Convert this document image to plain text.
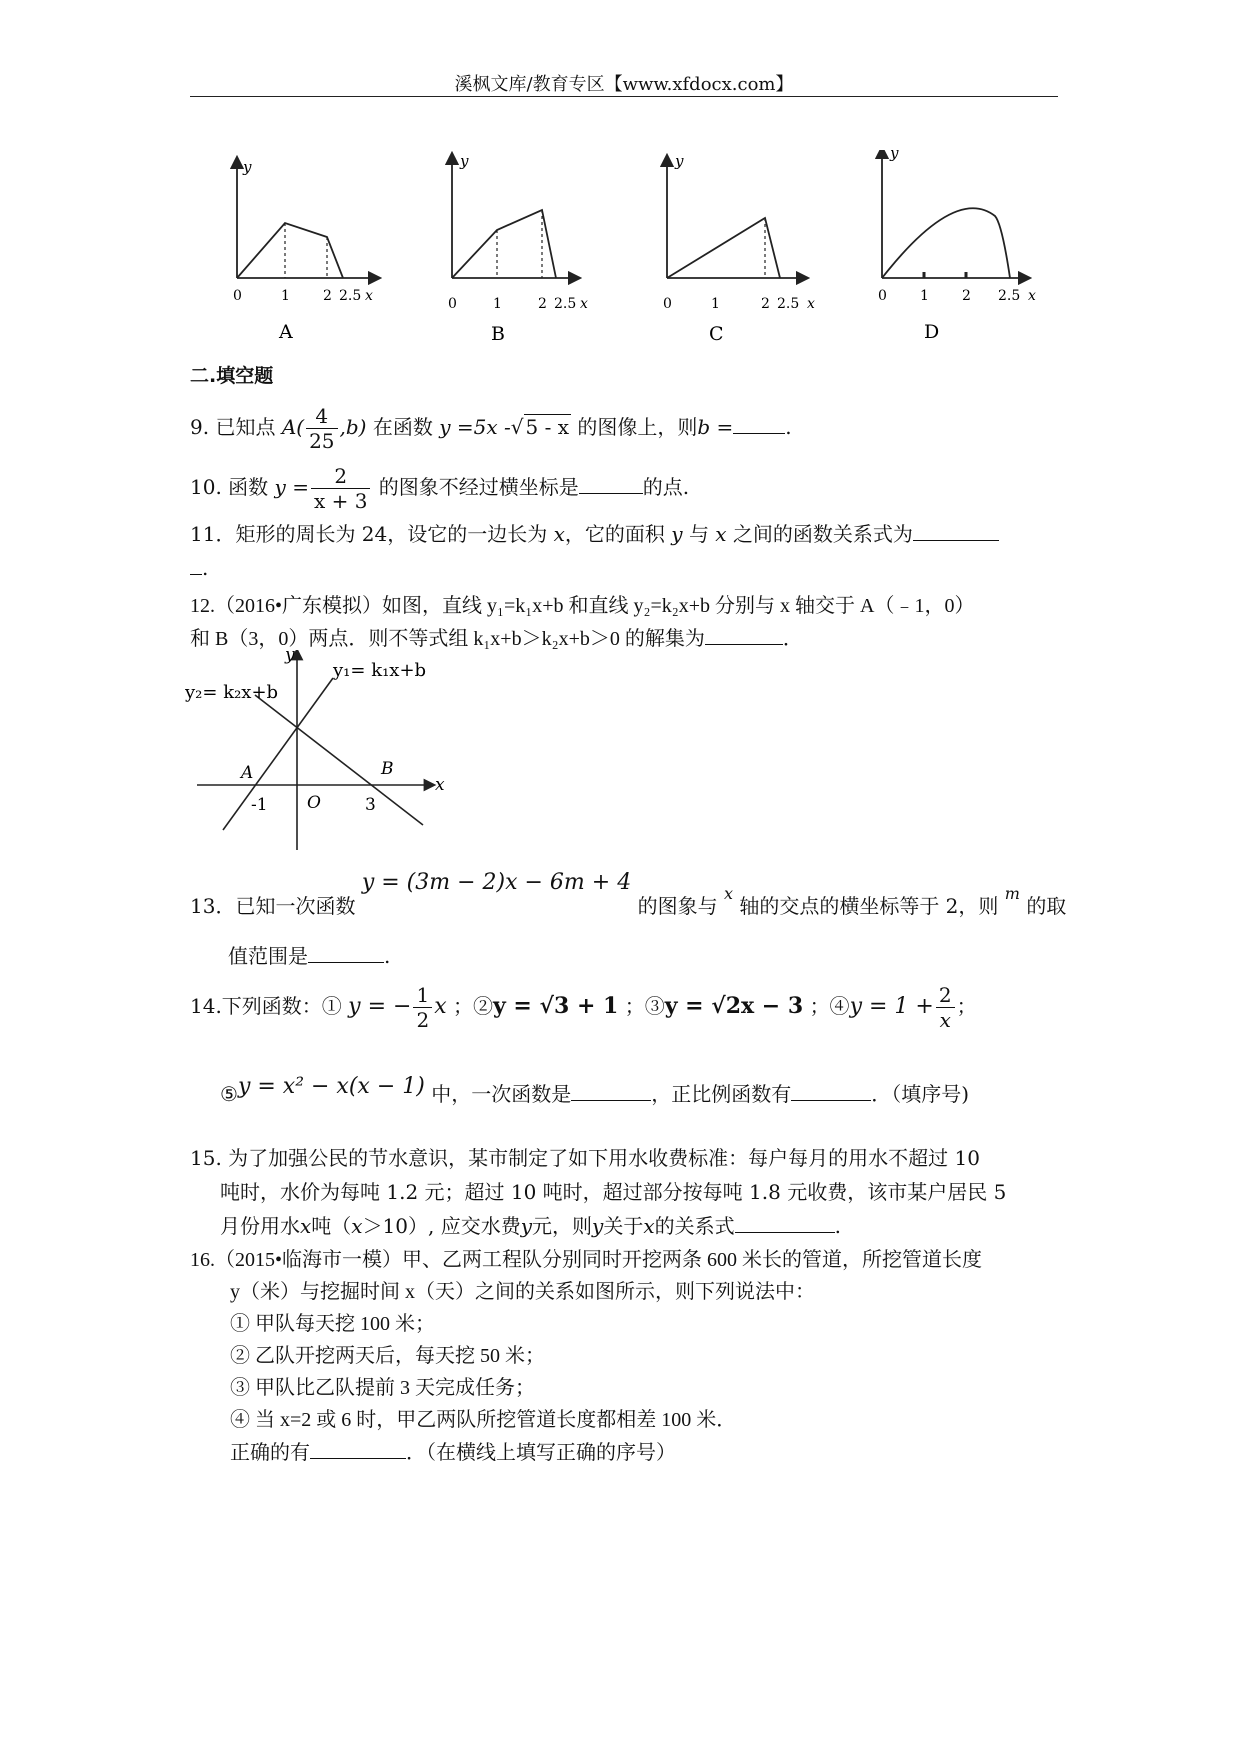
溪枫文库/教育专区【www.xfdocx.com】
y
0	1 2 2.5 x
A
y
0	1	2 2.5 x
B
y
0	1	2 2.5 x
C
y
0 1 2 2.5 x
D
二.填空题
9. 已知点 $A( \frac{4}{25} ,b)$ 在函数 y =5x -√ 5 - x 的图像上，则b =	.
10. 函数 $y = \frac{2}{x + 3}$ 的图象不经过横坐标是	的点.
11．矩形的周长为 24，设它的一边长为 x，它的面积 y 与 x 之间的函数关系式为
.
12.（2016•广东模拟）如图，直线 y₁=k₁x+b 和直线 y₂=k₂x+b 分别与 x 轴交于 A（﹣1，0）
和 B（3，0）两点．则不等式组 k₁x+b＞k₂x+b＞0 的解集为	．
y₁= k₁x+b
y₂= k₂x+b
y
x
A	B
O
-1	3
13．已知一次函数 y = (3m − 2)x − 6m + 4 的图象与 $^x$ 轴的交点的横坐标等于 2，则 $^m$ 的取
值范围是	.
14.下列函数：① y = − $\frac{1}{2}$ x ；②y = √3 + 1 ；③y = √2x − 3 ；④y = $1 + \frac{2}{x}$ ；
⑤y = x² − x(x − 1) 中，一次函数是	，正比例函数有	．（填序号)
15. 为了加强公民的节水意识，某市制定了如下用水收费标准：每户每月的用水不超过 10
吨时，水价为每吨 1.2 元；超过 10 吨时，超过部分按每吨 1.8 元收费，该市某户居民 5
月份用水x吨（x＞10）, 应交水费y元，则y关于x的关系式	.
16.（2015•临海市一模）甲、乙两工程队分别同时开挖两条 600 米长的管道，所挖管道长度
y（米）与挖掘时间 x（天）之间的关系如图所示，则下列说法中：
① 甲队每天挖 100 米；
② 乙队开挖两天后，每天挖 50 米；
③ 甲队比乙队提前 3 天完成任务；
④ 当 x=2 或 6 时，甲乙两队所挖管道长度都相差 100 米．
正确的有	．（在横线上填写正确的序号）
